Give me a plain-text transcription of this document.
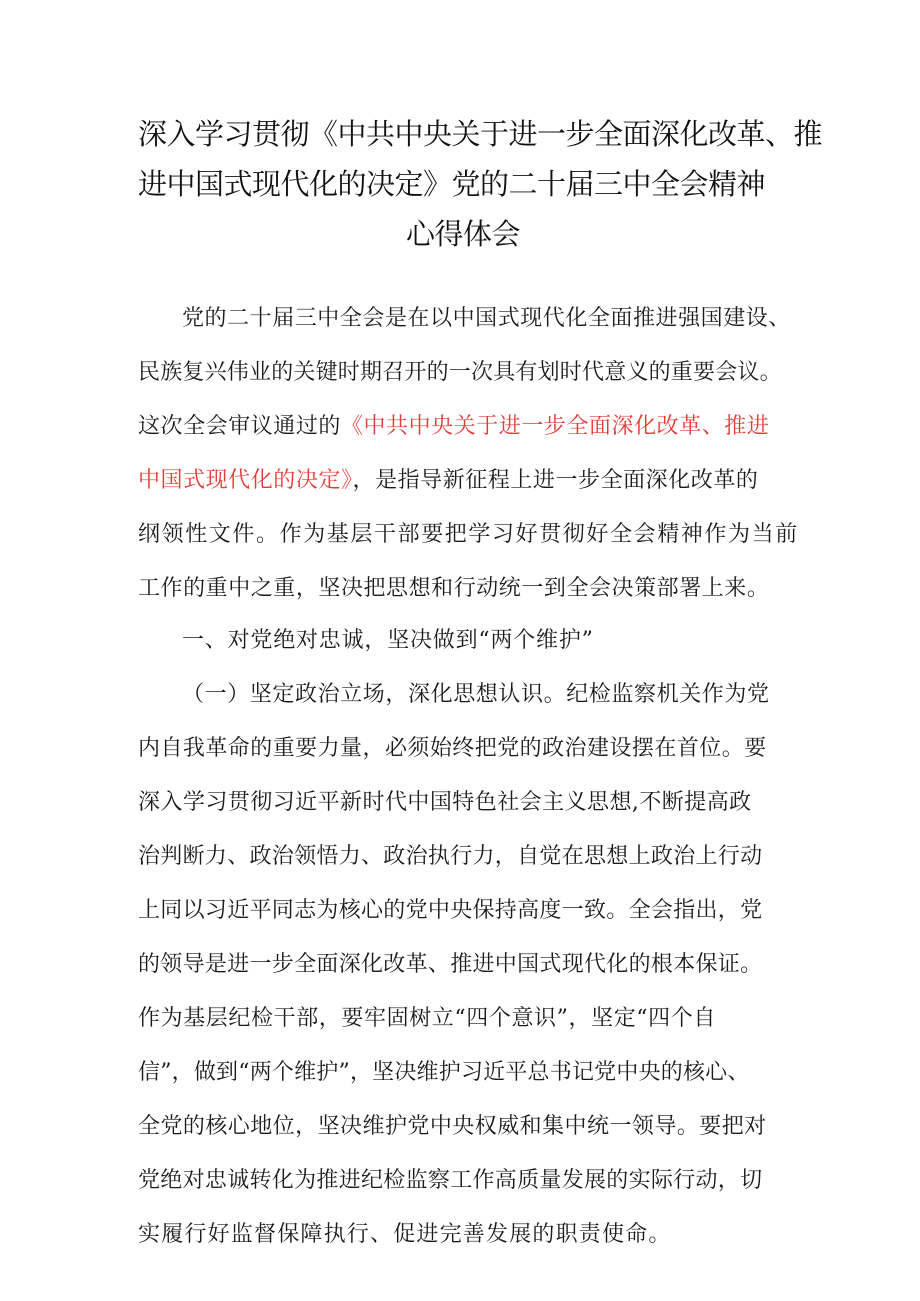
深入学习贯彻《中共中央关于进一步全面深化改革、推
进中国式现代化的决定》党的二十届三中全会精神
心得体会
党的二十届三中全会是在以中国式现代化全面推进强国建设、
民族复兴伟业的关键时期召开的一次具有划时代意义的重要会议。
这次全会审议通过的《中共中央关于进一步全面深化改革、推进
中国式现代化的决定》，是指导新征程上进一步全面深化改革的
纲领性文件。作为基层干部要把学习好贯彻好全会精神作为当前
工作的重中之重，坚决把思想和行动统一到全会决策部署上来。
一、对党绝对忠诚，坚决做到“两个维护”
（一）坚定政治立场，深化思想认识。纪检监察机关作为党
内自我革命的重要力量，必须始终把党的政治建设摆在首位。要
深入学习贯彻习近平新时代中国特色社会主义思想,不断提高政
治判断力、政治领悟力、政治执行力，自觉在思想上政治上行动
上同以习近平同志为核心的党中央保持高度一致。全会指出，党
的领导是进一步全面深化改革、推进中国式现代化的根本保证。
作为基层纪检干部，要牢固树立“四个意识”，坚定“四个自
信”，做到“两个维护”，坚决维护习近平总书记党中央的核心、
全党的核心地位，坚决维护党中央权威和集中统一领导。要把对
党绝对忠诚转化为推进纪检监察工作高质量发展的实际行动，切
实履行好监督保障执行、促进完善发展的职责使命。
